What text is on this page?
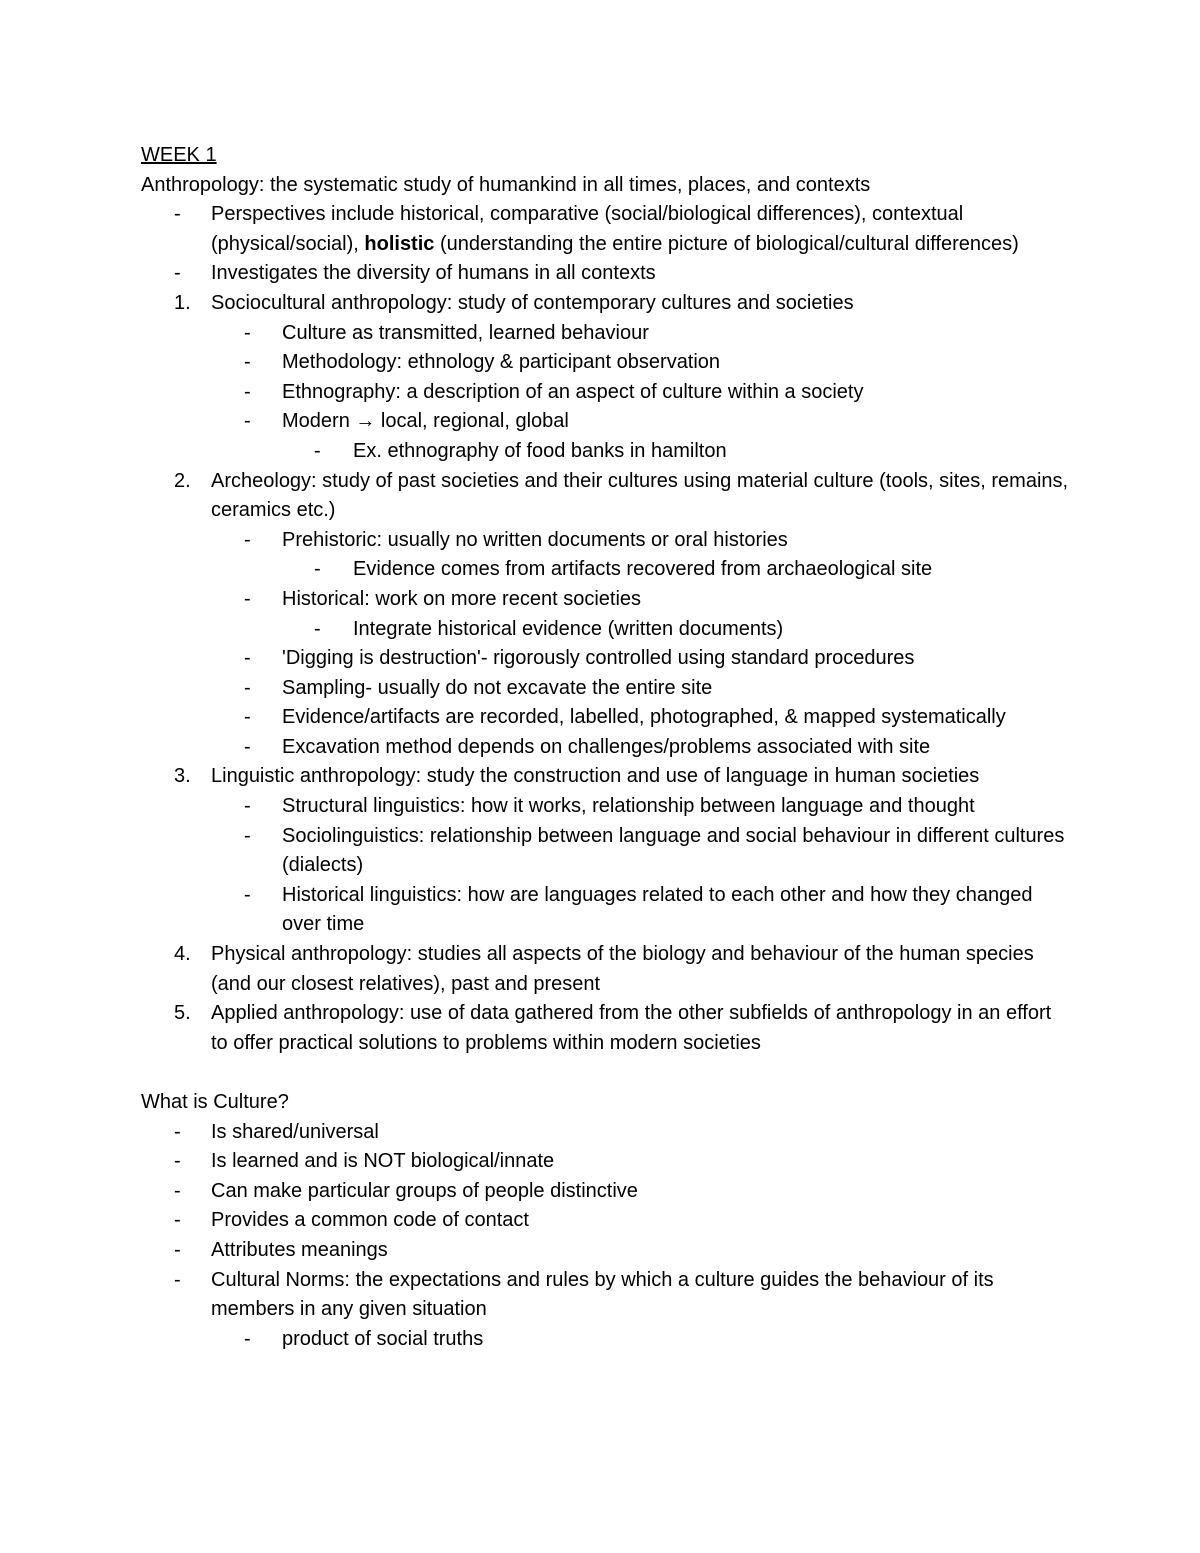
WEEK 1
Anthropology: the systematic study of humankind in all times, places, and contexts
-	Perspectives include historical, comparative (social/biological differences), contextual (physical/social), holistic (understanding the entire picture of biological/cultural differences)
-	Investigates the diversity of humans in all contexts
1.	Sociocultural anthropology: study of contemporary cultures and societies
-	Culture as transmitted, learned behaviour
-	Methodology: ethnology & participant observation
-	Ethnography: a description of an aspect of culture within a society
-	Modern → local, regional, global
-	Ex. ethnography of food banks in hamilton
2.	Archeology: study of past societies and their cultures using material culture (tools, sites, remains, ceramics etc.)
-	Prehistoric: usually no written documents or oral histories
-	Evidence comes from artifacts recovered from archaeological site
-	Historical: work on more recent societies
-	Integrate historical evidence (written documents)
-	'Digging is destruction'- rigorously controlled using standard procedures
-	Sampling- usually do not excavate the entire site
-	Evidence/artifacts are recorded, labelled, photographed, & mapped systematically
-	Excavation method depends on challenges/problems associated with site
3.	Linguistic anthropology: study the construction and use of language in human societies
-	Structural linguistics: how it works, relationship between language and thought
-	Sociolinguistics: relationship between language and social behaviour in different cultures (dialects)
-	Historical linguistics: how are languages related to each other and how they changed over time
4.	Physical anthropology: studies all aspects of the biology and behaviour of the human species (and our closest relatives), past and present
5.	Applied anthropology: use of data gathered from the other subfields of anthropology in an effort to offer practical solutions to problems within modern societies
What is Culture?
-	Is shared/universal
-	Is learned and is NOT biological/innate
-	Can make particular groups of people distinctive
-	Provides a common code of contact
-	Attributes meanings
-	Cultural Norms: the expectations and rules by which a culture guides the behaviour of its members in any given situation
-	product of social truths
